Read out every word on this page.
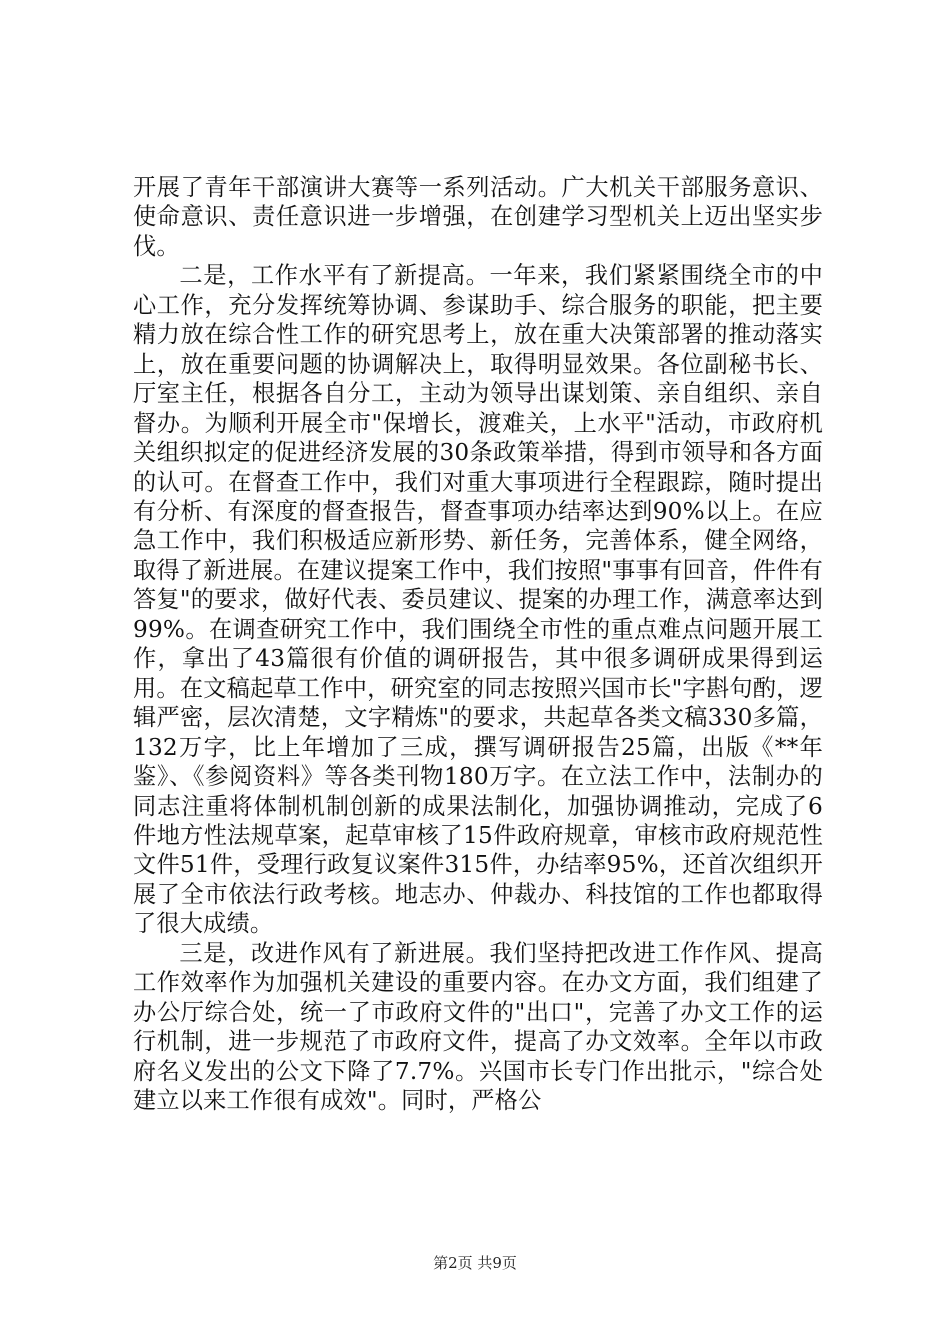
开展了青年干部演讲大赛等一系列活动。广大机关干部服务意识、使命意识、责任意识进一步增强，在创建学习型机关上迈出坚实步伐。

二是，工作水平有了新提高。一年来，我们紧紧围绕全市的中心工作，充分发挥统筹协调、参谋助手、综合服务的职能，把主要精力放在综合性工作的研究思考上，放在重大决策部署的推动落实上，放在重要问题的协调解决上，取得明显效果。各位副秘书长、厅室主任，根据各自分工，主动为领导出谋划策、亲自组织、亲自督办。为顺利开展全市"保增长，渡难关，上水平"活动，市政府机关组织拟定的促进经济发展的30条政策举措，得到市领导和各方面的认可。在督查工作中，我们对重大事项进行全程跟踪，随时提出有分析、有深度的督查报告，督查事项办结率达到90%以上。在应急工作中，我们积极适应新形势、新任务，完善体系，健全网络，取得了新进展。在建议提案工作中，我们按照"事事有回音，件件有答复"的要求，做好代表、委员建议、提案的办理工作，满意率达到99%。在调查研究工作中，我们围绕全市性的重点难点问题开展工作，拿出了43篇很有价值的调研报告，其中很多调研成果得到运用。在文稿起草工作中，研究室的同志按照兴国市长"字斟句酌，逻辑严密，层次清楚，文字精炼"的要求，共起草各类文稿330多篇，132万字，比上年增加了三成，撰写调研报告25篇，出版《**年鉴》、《参阅资料》等各类刊物180万字。在立法工作中，法制办的同志注重将体制机制创新的成果法制化，加强协调推动，完成了6件地方性法规草案，起草审核了15件政府规章，审核市政府规范性文件51件，受理行政复议案件315件，办结率95%，还首次组织开展了全市依法行政考核。地志办、仲裁办、科技馆的工作也都取得了很大成绩。

三是，改进作风有了新进展。我们坚持把改进工作作风、提高工作效率作为加强机关建设的重要内容。在办文方面，我们组建了办公厅综合处，统一了市政府文件的"出口"，完善了办文工作的运行机制，进一步规范了市政府文件，提高了办文效率。全年以市政府名义发出的公文下降了7.7%。兴国市长专门作出批示，"综合处建立以来工作很有成效"。同时，严格公

第2页 共9页
